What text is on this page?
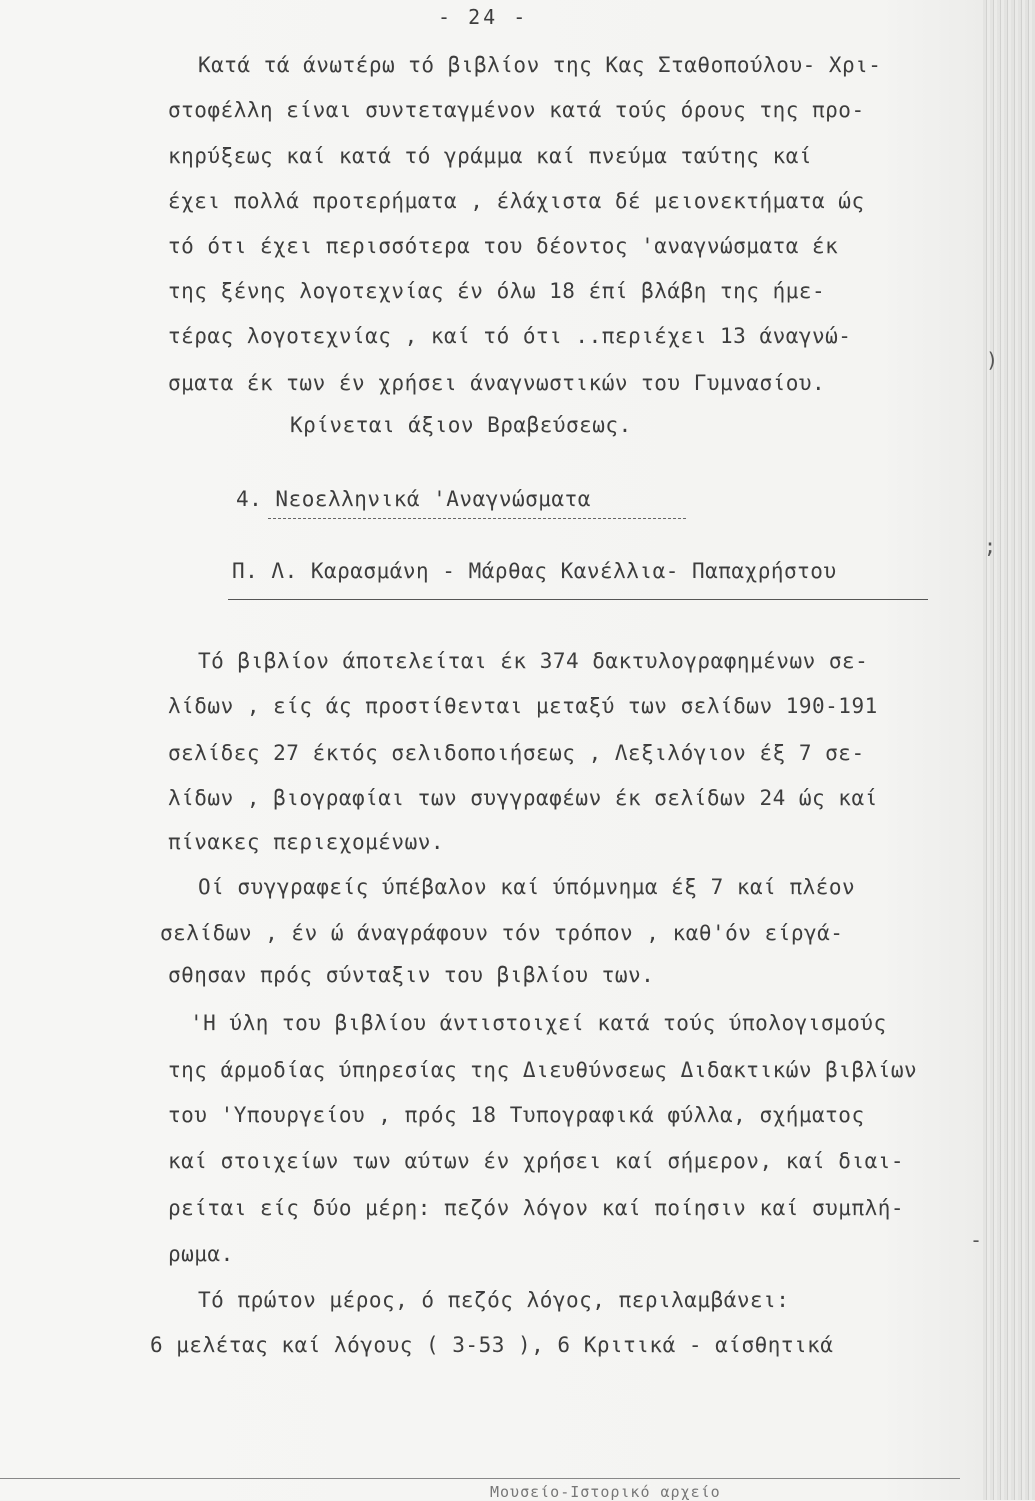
- 24 -
Κατά τά άνωτέρω τό βιβλίον της Κας Σταθοπούλου- Χρι-
στοφέλλη είναι συντεταγμένον κατά τούς όρους της προ-
κηρύξεως καί κατά τό γράμμα καί πνεύμα ταύτης καί
έχει πολλά προτερήματα , έλάχιστα δέ μειονεκτήματα ώς
τό ότι έχει περισσότερα του δέοντος 'αναγνώσματα έκ
της ξένης λογοτεχνίας έν όλω 18 έπί βλάβη της ήμε-
τέρας λογοτεχνίας , καί τό ότι ..περιέχει 13 άναγνώ-
σματα έκ των έν χρήσει άναγνωστικών του Γυμνασίου.
Κρίνεται άξιον Βραβεύσεως.
4. Νεοελληνικά 'Αναγνώσματα
Π. Λ. Καρασμάνη - Μάρθας Κανέλλια- Παπαχρήστου
Τό βιβλίον άποτελείται έκ 374 δακτυλογραφημένων σε-
λίδων , είς άς προστίθενται μεταξύ των σελίδων 190-191
σελίδες 27 έκτός σελιδοποιήσεως , Λεξιλόγιον έξ 7 σε-
λίδων , βιογραφίαι των συγγραφέων έκ σελίδων 24 ώς καί
πίνακες περιεχομένων.
Οί συγγραφείς ύπέβαλον καί ύπόμνημα έξ 7 καί πλέον
σελίδων , έν ώ άναγράφουν τόν τρόπον , καθ'όν είργά-
σθησαν πρός σύνταξιν του βιβλίου των.
'Η ύλη του βιβλίου άντιστοιχεί κατά τούς ύπολογισμούς
της άρμοδίας ύπηρεσίας της Διευθύνσεως Διδακτικών βιβλίων
του 'Υπουργείου , πρός 18 Τυπογραφικά φύλλα, σχήματος
καί στοιχείων των αύτων έν χρήσει καί σήμερον, καί διαι-
ρείται είς δύο μέρη: πεζόν λόγον καί ποίησιν καί συμπλή-
ρωμα.
Τό πρώτον μέρος, ό πεζός λόγος, περιλαμβάνει:
6 μελέτας καί λόγους ( 3-53 ), 6 Κριτικά - αίσθητικά
)
;
-
Μουσείο-Ιστορικό αρχείο
